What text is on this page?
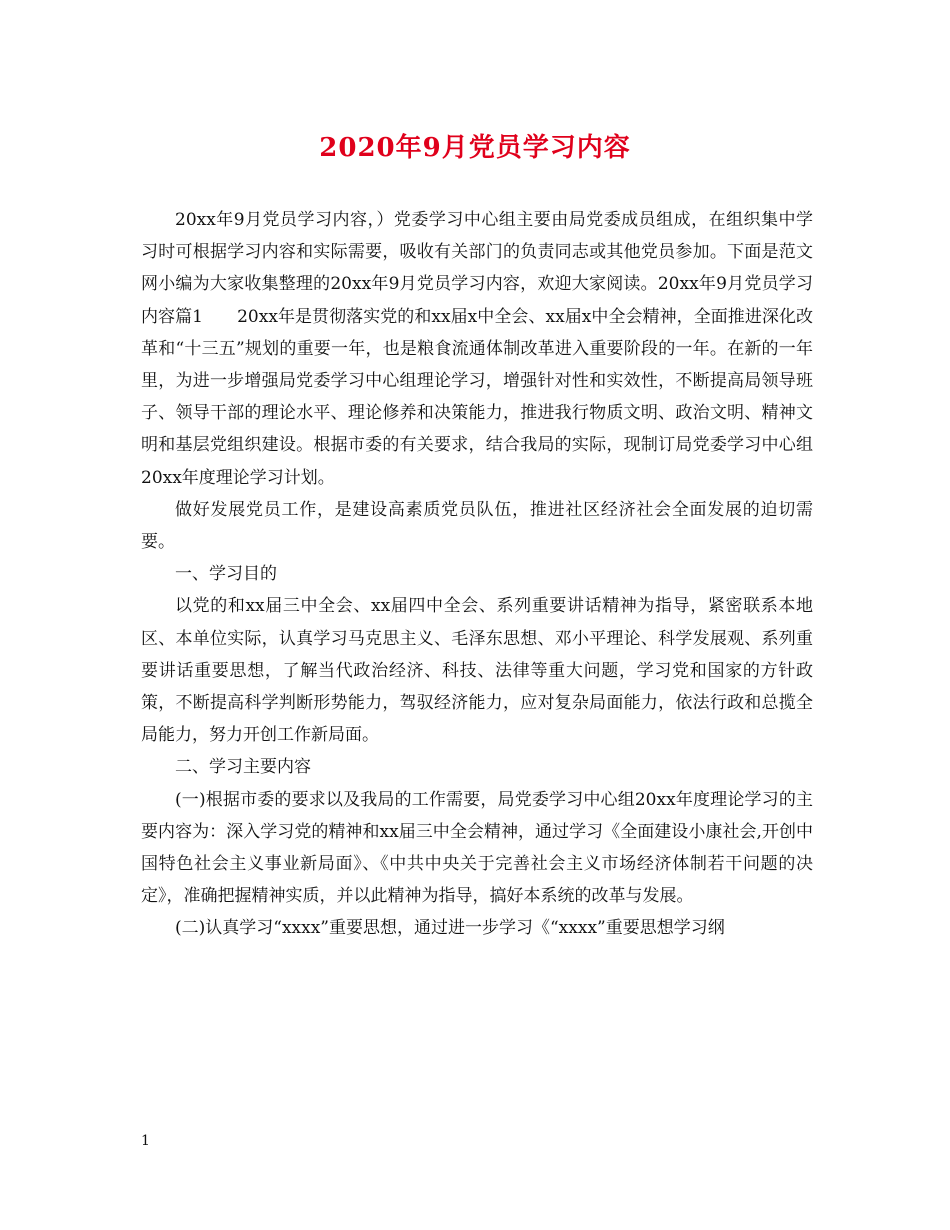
2020年9月党员学习内容

20xx年9月党员学习内容，）党委学习中心组主要由局党委成员组成，在组织集中学习时可根据学习内容和实际需要，吸收有关部门的负责同志或其他党员参加。下面是范文网小编为大家收集整理的20xx年9月党员学习内容，欢迎大家阅读。20xx年9月党员学习内容篇1　　20xx年是贯彻落实党的和xx届x中全会、xx届x中全会精神，全面推进深化改革和“十三五”规划的重要一年，也是粮食流通体制改革进入重要阶段的一年。在新的一年里，为进一步增强局党委学习中心组理论学习，增强针对性和实效性，不断提高局领导班子、领导干部的理论水平、理论修养和决策能力，推进我行物质文明、政治文明、精神文明和基层党组织建设。根据市委的有关要求，结合我局的实际，现制订局党委学习中心组20xx年度理论学习计划。

做好发展党员工作，是建设高素质党员队伍，推进社区经济社会全面发展的迫切需要。

一、学习目的

以党的和xx届三中全会、xx届四中全会、系列重要讲话精神为指导，紧密联系本地区、本单位实际，认真学习马克思主义、毛泽东思想、邓小平理论、科学发展观、系列重要讲话重要思想，了解当代政治经济、科技、法律等重大问题，学习党和国家的方针政策，不断提高科学判断形势能力，驾驭经济能力，应对复杂局面能力，依法行政和总揽全局能力，努力开创工作新局面。

二、学习主要内容

(一)根据市委的要求以及我局的工作需要，局党委学习中心组20xx年度理论学习的主要内容为：深入学习党的精神和xx届三中全会精神，通过学习《全面建设小康社会,开创中国特色社会主义事业新局面》、《中共中央关于完善社会主义市场经济体制若干问题的决定》，准确把握精神实质，并以此精神为指导，搞好本系统的改革与发展。

(二)认真学习“xxxx”重要思想，通过进一步学习《“xxxx”重要思想学习纲

1
